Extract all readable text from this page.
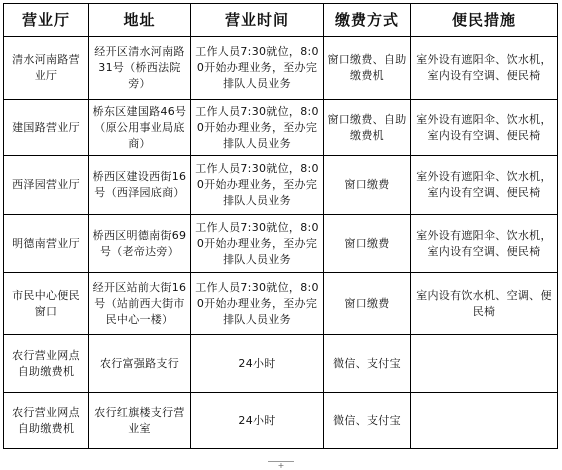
营业厅	地址	营业时间	缴费方式	便民措施

清水河南路营业厅	经开区清水河南路31号（桥西法院旁）	工作人员7:30就位，8:00开始办理业务，至办完排队人员业务	窗口缴费、自助缴费机	室外设有遮阳伞、饮水机，室内设有空调、便民椅

建国路营业厅	桥东区建国路46号（原公用事业局底商）	工作人员7:30就位，8:00开始办理业务，至办完排队人员业务	窗口缴费、自助缴费机	室外设有遮阳伞、饮水机，室内设有空调、便民椅

西泽园营业厅	桥西区建设西街16号（西泽园底商）	工作人员7:30就位，8:00开始办理业务，至办完排队人员业务	窗口缴费	室外设有遮阳伞、饮水机，室内设有空调、便民椅

明德南营业厅	桥西区明德南街69号（老帝达旁）	工作人员7:30就位，8:00开始办理业务，至办完排队人员业务	窗口缴费	室外设有遮阳伞、饮水机，室内设有空调、便民椅

市民中心便民窗口	经开区站前大街16号（站前西大街市民中心一楼）	工作人员7:30就位，8:00开始办理业务，至办完排队人员业务	窗口缴费	室内设有饮水机、空调、便民椅

农行营业网点自助缴费机	农行富强路支行	24小时	微信、支付宝	

农行营业网点自助缴费机	农行红旗楼支行营业室	24小时	微信、支付宝	

+
